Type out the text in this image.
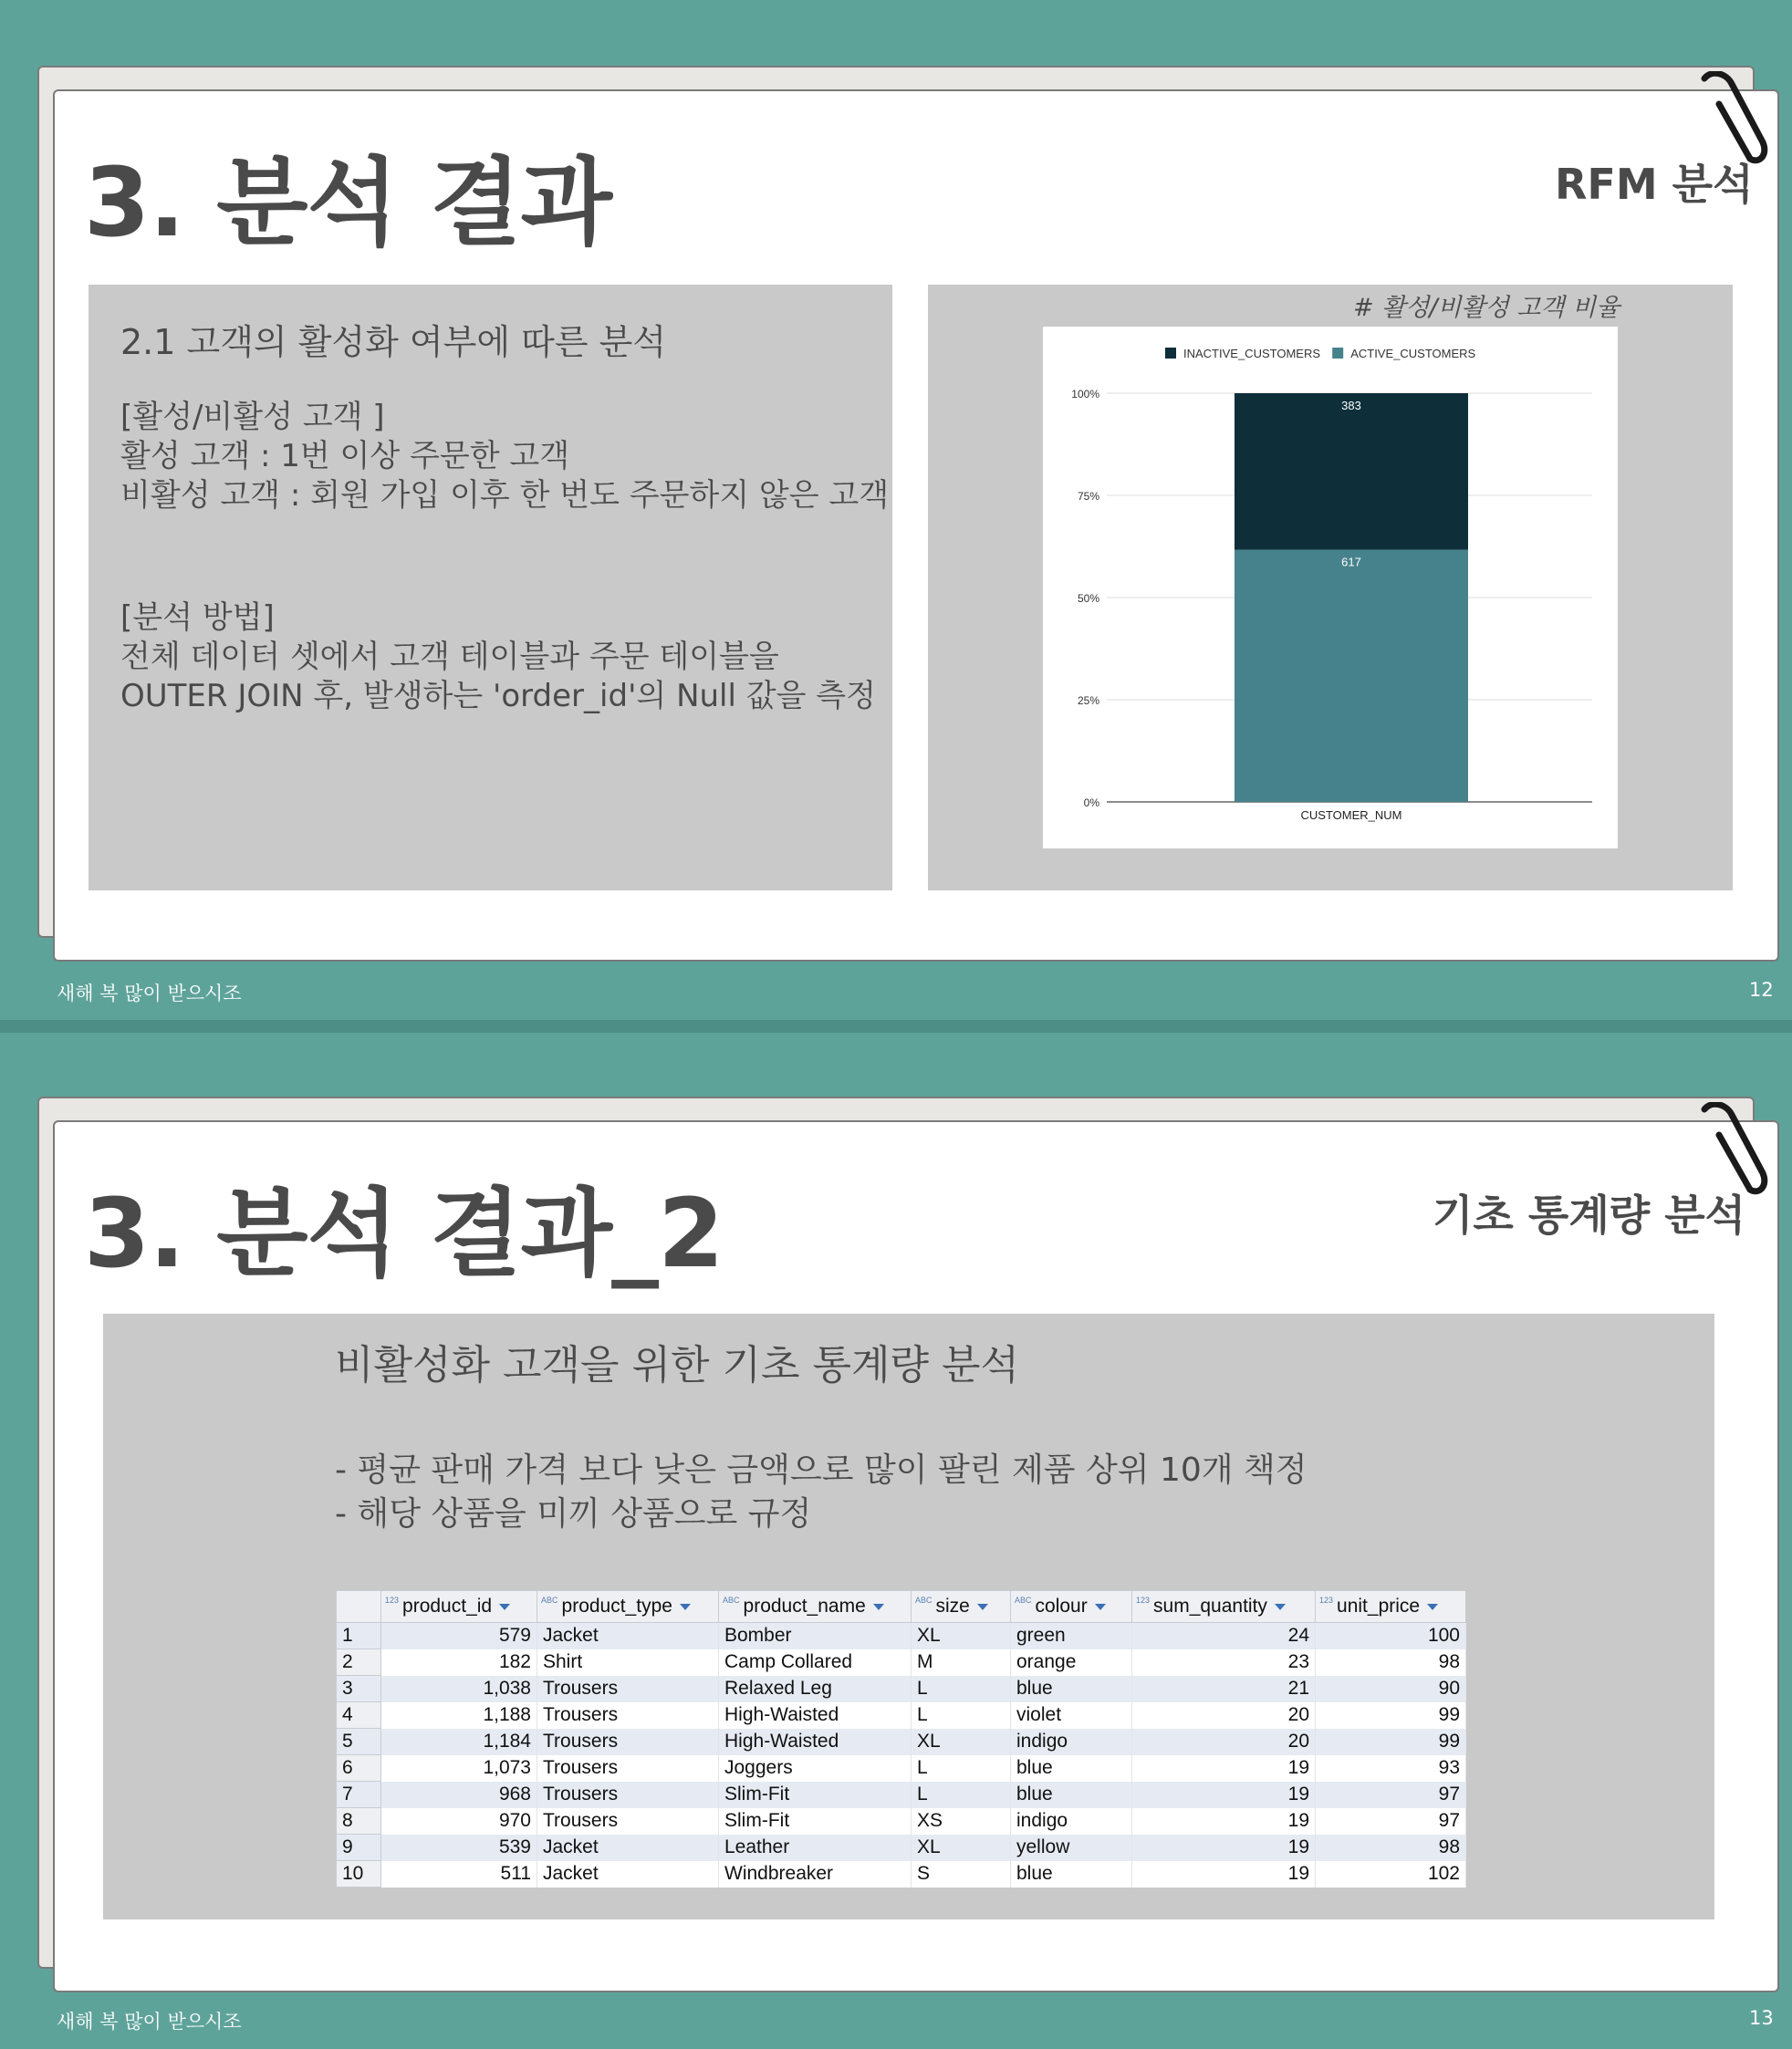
3. 분석 결과	RFM 분석
2.1 고객의 활성화 여부에 따른 분석
[활성/비활성 고객 ]
활성 고객 : 1번 이상 주문한 고객
비활성 고객 : 회원 가입 이후 한 번도 주문하지 않은 고객
[분석 방법]
전체 데이터 셋에서 고객 테이블과 주문 테이블을
OUTER JOIN 후, 발생하는 'order_id'의 Null 값을 측정
# 활성/비활성 고객 비율
0%
25%
50%
75%
100%
617
383
CUSTOMER_NUM
INACTIVE_CUSTOMERS	ACTIVE_CUSTOMERS
새해 복 많이 받으시조	12
3. 분석 결과_2	기초 통계량 분석
비활성화 고객을 위한 기초 통계량 분석
- 평균 판매 가격 보다 낮은 금액으로 많이 팔린 제품 상위 10개 책정
- 해당 상품을 미끼 상품으로 규정
	$^{123}$ product_id	$^{ABC}$ product_type	$^{ABC}$ product_name	$^{ABC}$ size	$^{ABC}$ colour	$^{123}$ sum_quantity	$^{123}$ unit_price
1	579	Jacket	Bomber	XL	green	24	100
2	182	Shirt	Camp Collared	M	orange	23	98
3	1,038	Trousers	Relaxed Leg	L	blue	21	90
4	1,188	Trousers	High-Waisted	L	violet	20	99
5	1,184	Trousers	High-Waisted	XL	indigo	20	99
6	1,073	Trousers	Joggers	L	blue	19	93
7	968	Trousers	Slim-Fit	L	blue	19	97
8	970	Trousers	Slim-Fit	XS	indigo	19	97
9	539	Jacket	Leather	XL	yellow	19	98
10	511	Jacket	Windbreaker	S	blue	19	102
새해 복 많이 받으시조	13
